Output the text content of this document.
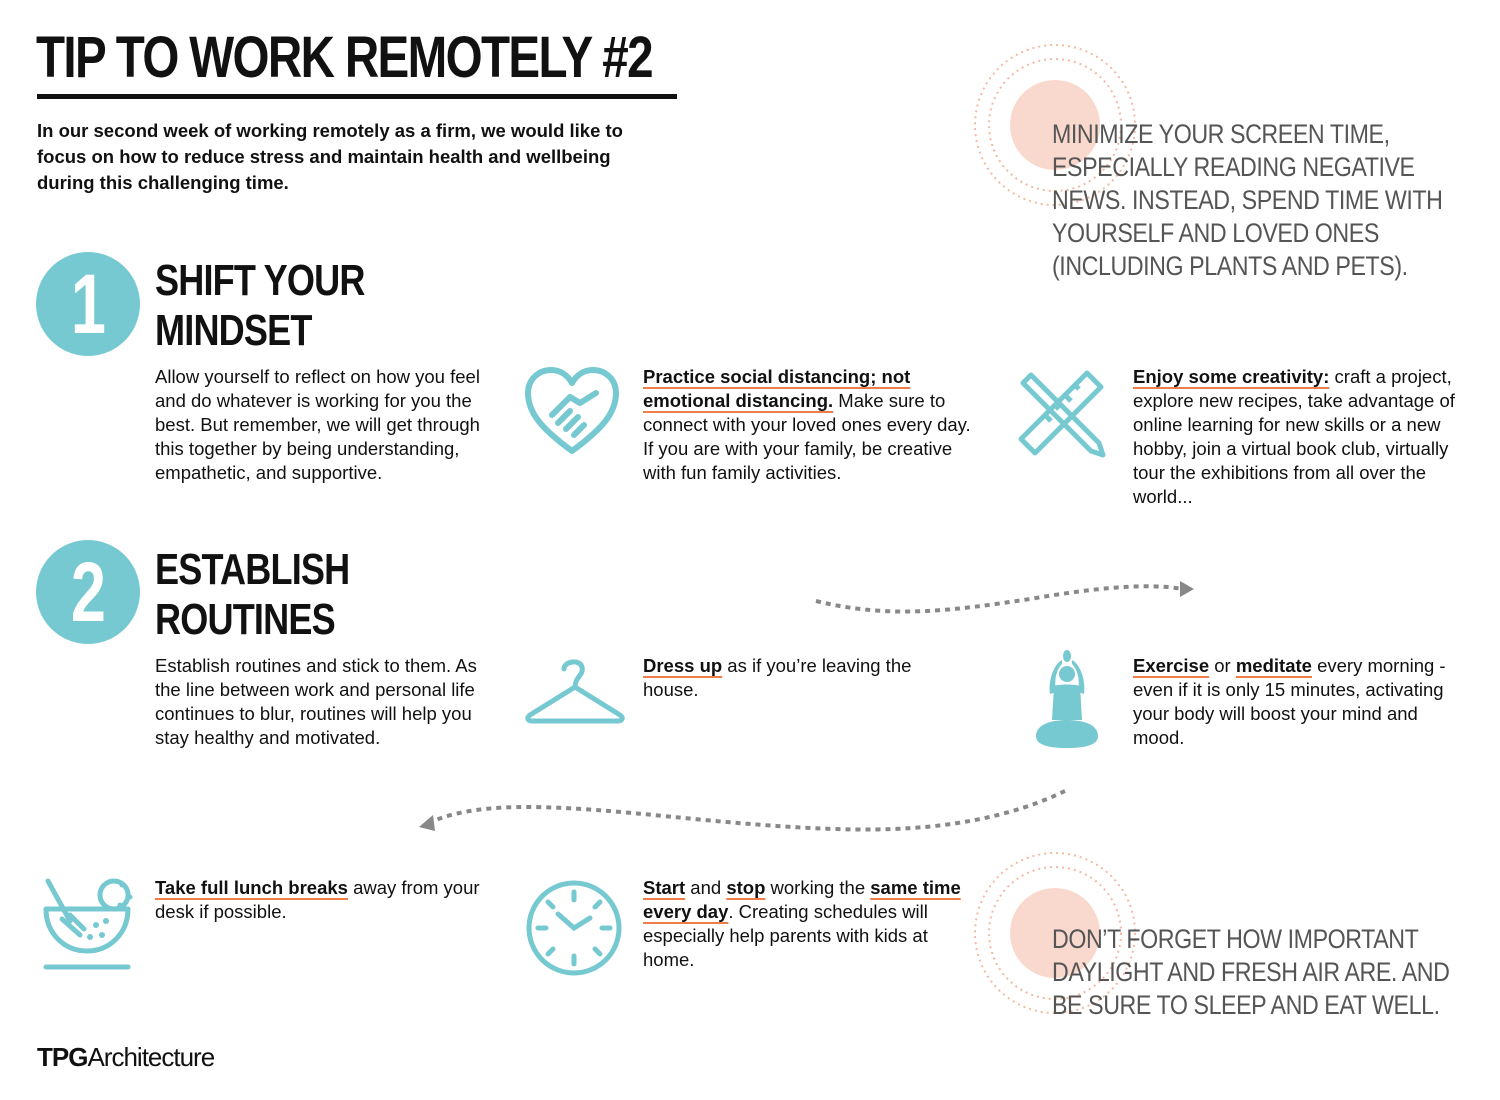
TIP TO WORK REMOTELY #2
In our second week of working remotely as a firm, we would like to focus on how to reduce stress and maintain health and wellbeing during this challenging time.
MINIMIZE YOUR SCREEN TIME, ESPECIALLY READING NEGATIVE NEWS. INSTEAD, SPEND TIME WITH YOURSELF AND LOVED ONES (INCLUDING PLANTS AND PETS).
1	SHIFT YOUR
MINDSET
Allow yourself to reflect on how you feel and do whatever is working for you the best. But remember, we will get through this together by being understanding, empathetic, and supportive.
2	ESTABLISH
ROUTINES
Establish routines and stick to them. As the line between work and personal life continues to blur, routines will help you stay healthy and motivated.
Practice social distancing; not
emotional distancing. Make sure to connect with your loved ones every day. If you are with your family, be creative with fun family activities.
Enjoy some creativity: craft a project, explore new recipes, take advantage of online learning for new skills or a new hobby, join a virtual book club, virtually tour the exhibitions from all over the world...
Dress up as if you’re leaving the house.
Exercise or meditate every morning - even if it is only 15 minutes, activating your body will boost your mind and mood.
Take full lunch breaks away from your desk if possible.
Start and stop working the same time every day. Creating schedules will especially help parents with kids at home.
DON’T FORGET HOW IMPORTANT DAYLIGHT AND FRESH AIR ARE. AND BE SURE TO SLEEP AND EAT WELL.
TPGArchitecture
